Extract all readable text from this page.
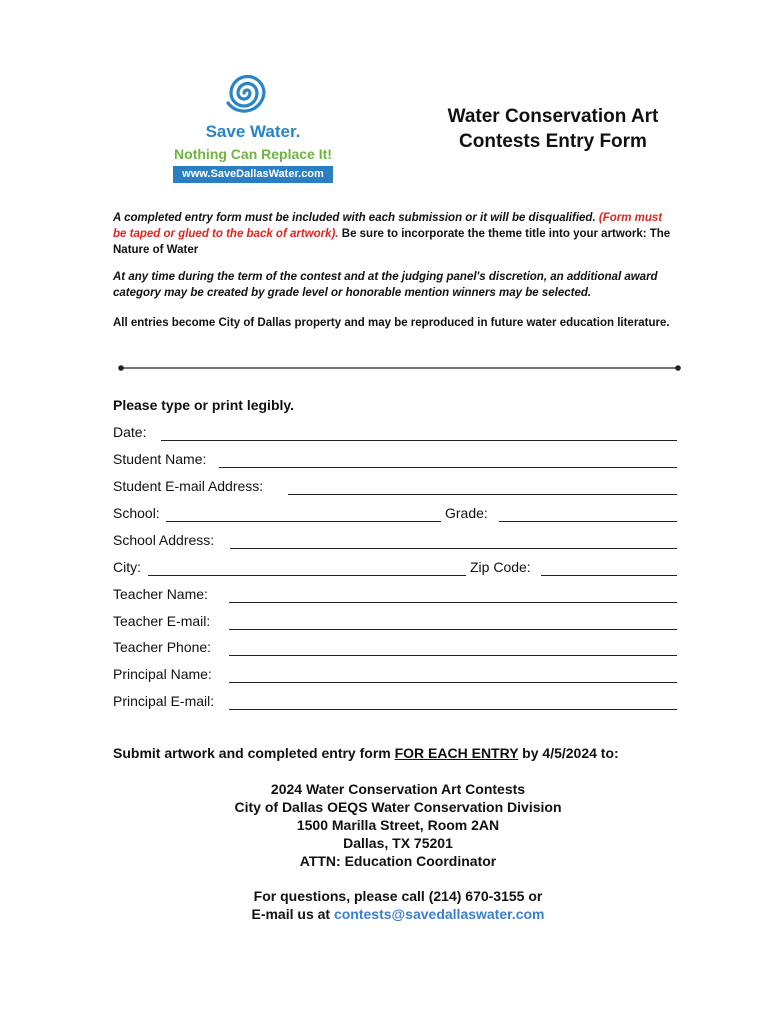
Save Water.
Nothing Can Replace It!
www.SaveDallasWater.com
Water Conservation Art
Contests Entry Form
A completed entry form must be included with each submission or it will be disqualified. (Form must be taped or glued to the back of artwork). Be sure to incorporate the theme title into your artwork: The Nature of Water
At any time during the term of the contest and at the judging panel's discretion, an additional award category may be created by grade level or honorable mention winners may be selected.
All entries become City of Dallas property and may be reproduced in future water education literature.
Please type or print legibly.
Date:
Student Name:
Student E-mail Address:
School:	Grade:
School Address:
City:	Zip Code:
Teacher Name:
Teacher E-mail:
Teacher Phone:
Principal Name:
Principal E-mail:
Submit artwork and completed entry form FOR EACH ENTRY by 4/5/2024 to:
2024 Water Conservation Art Contests
City of Dallas OEQS Water Conservation Division
1500 Marilla Street, Room 2AN
Dallas, TX 75201
ATTN: Education Coordinator
For questions, please call (214) 670-3155 or
E-mail us at contests@savedallaswater.com
